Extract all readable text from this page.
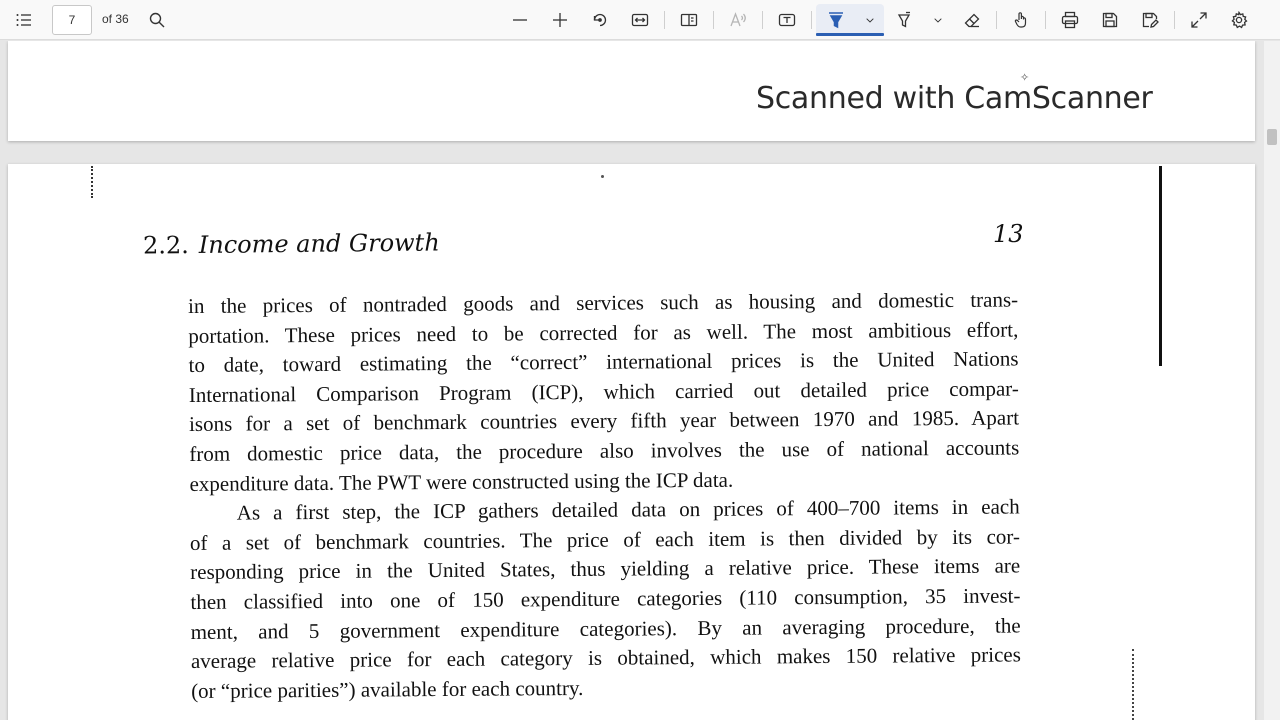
7
of 36
✧
Scanned with CamScanner
2.2. Income and Growth	13
in the prices of nontraded goods and services such as housing and domestic trans-
portation. These prices need to be corrected for as well. The most ambitious effort,
to date, toward estimating the “correct” international prices is the United Nations
International Comparison Program (ICP), which carried out detailed price compar-
isons for a set of benchmark countries every fifth year between 1970 and 1985. Apart
from domestic price data, the procedure also involves the use of national accounts
expenditure data. The PWT were constructed using the ICP data.
As a first step, the ICP gathers detailed data on prices of 400–700 items in each
of a set of benchmark countries. The price of each item is then divided by its cor-
responding price in the United States, thus yielding a relative price. These items are
then classified into one of 150 expenditure categories (110 consumption, 35 invest-
ment, and 5 government expenditure categories). By an averaging procedure, the
average relative price for each category is obtained, which makes 150 relative prices
(or “price parities”) available for each country.
